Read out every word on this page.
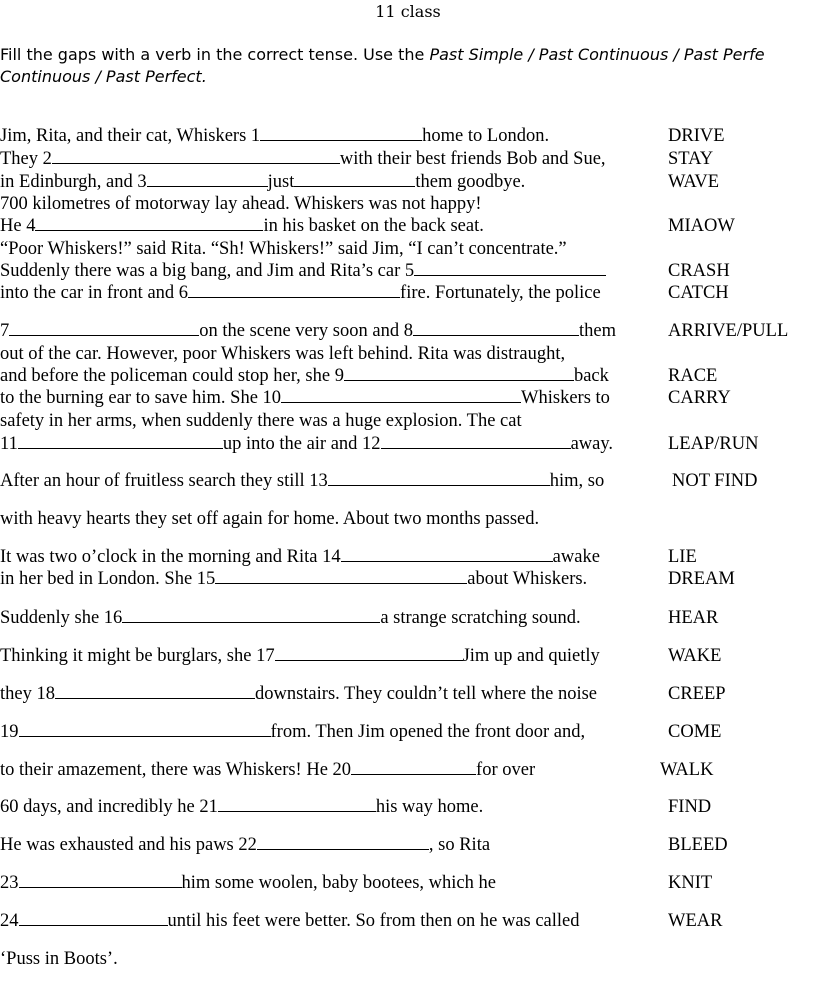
11 class
Fill the gaps with a verb in the correct tense. Use the Past Simple / Past Continuous / Past Perfe
Continuous / Past Perfect.
Jim, Rita, and their cat, Whiskers 1	home to London.
They 2	with their best friends Bob and Sue,
in Edinburgh, and 3	just	them goodbye.
700 kilometres of motorway lay ahead. Whiskers was not happy!
He 4	in his basket on the back seat.
“Poor Whiskers!” said Rita. “Sh! Whiskers!” said Jim, “I can’t concentrate.”
Suddenly there was a big bang, and Jim and Rita’s car 5
into the car in front and 6	fire. Fortunately, the police
7	on the scene very soon and 8	them
out of the car. However, poor Whiskers was left behind. Rita was distraught,
and before the policeman could stop her, she 9	back
to the burning ear to save him. She 10	Whiskers to
safety in her arms, when suddenly there was a huge explosion. The cat
11	up into the air and 12	away.
After an hour of fruitless search they still 13	him, so
with heavy hearts they set off again for home. About two months passed.
It was two o’clock in the morning and Rita 14	awake
in her bed in London. She 15	about Whiskers.
Suddenly she 16	a strange scratching sound.
Thinking it might be burglars, she 17	Jim up and quietly
they 18	downstairs. They couldn’t tell where the noise
19	from. Then Jim opened the front door and,
to their amazement, there was Whiskers! He 20	for over
60 days, and incredibly he 21	his way home.
He was exhausted and his paws 22	, so Rita
23	him some woolen, baby bootees, which he
24	until his feet were better. So from then on he was called
‘Puss in Boots’.
DRIVE
STAY
WAVE
MIAOW
CRASH
CATCH
ARRIVE/PULL
RACE
CARRY
LEAP/RUN
NOT FIND
LIE
DREAM
HEAR
WAKE
CREEP
COME
WALK
FIND
BLEED
KNIT
WEAR
